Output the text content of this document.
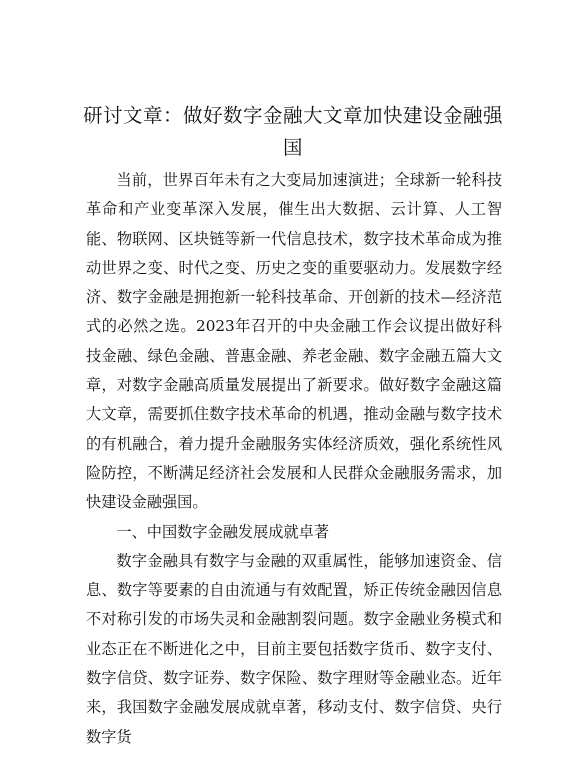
研讨文章：做好数字金融大文章加快建设金融强国

当前，世界百年未有之大变局加速演进；全球新一轮科技革命和产业变革深入发展，催生出大数据、云计算、人工智能、物联网、区块链等新一代信息技术，数字技术革命成为推动世界之变、时代之变、历史之变的重要驱动力。发展数字经济、数字金融是拥抱新一轮科技革命、开创新的技术—经济范式的必然之选。2023年召开的中央金融工作会议提出做好科技金融、绿色金融、普惠金融、养老金融、数字金融五篇大文章，对数字金融高质量发展提出了新要求。做好数字金融这篇大文章，需要抓住数字技术革命的机遇，推动金融与数字技术的有机融合，着力提升金融服务实体经济质效，强化系统性风险防控，不断满足经济社会发展和人民群众金融服务需求，加快建设金融强国。

一、中国数字金融发展成就卓著

数字金融具有数字与金融的双重属性，能够加速资金、信息、数字等要素的自由流通与有效配置，矫正传统金融因信息不对称引发的市场失灵和金融割裂问题。数字金融业务模式和业态正在不断进化之中，目前主要包括数字货币、数字支付、数字信贷、数字证券、数字保险、数字理财等金融业态。近年来，我国数字金融发展成就卓著，移动支付、数字信贷、央行数字货
